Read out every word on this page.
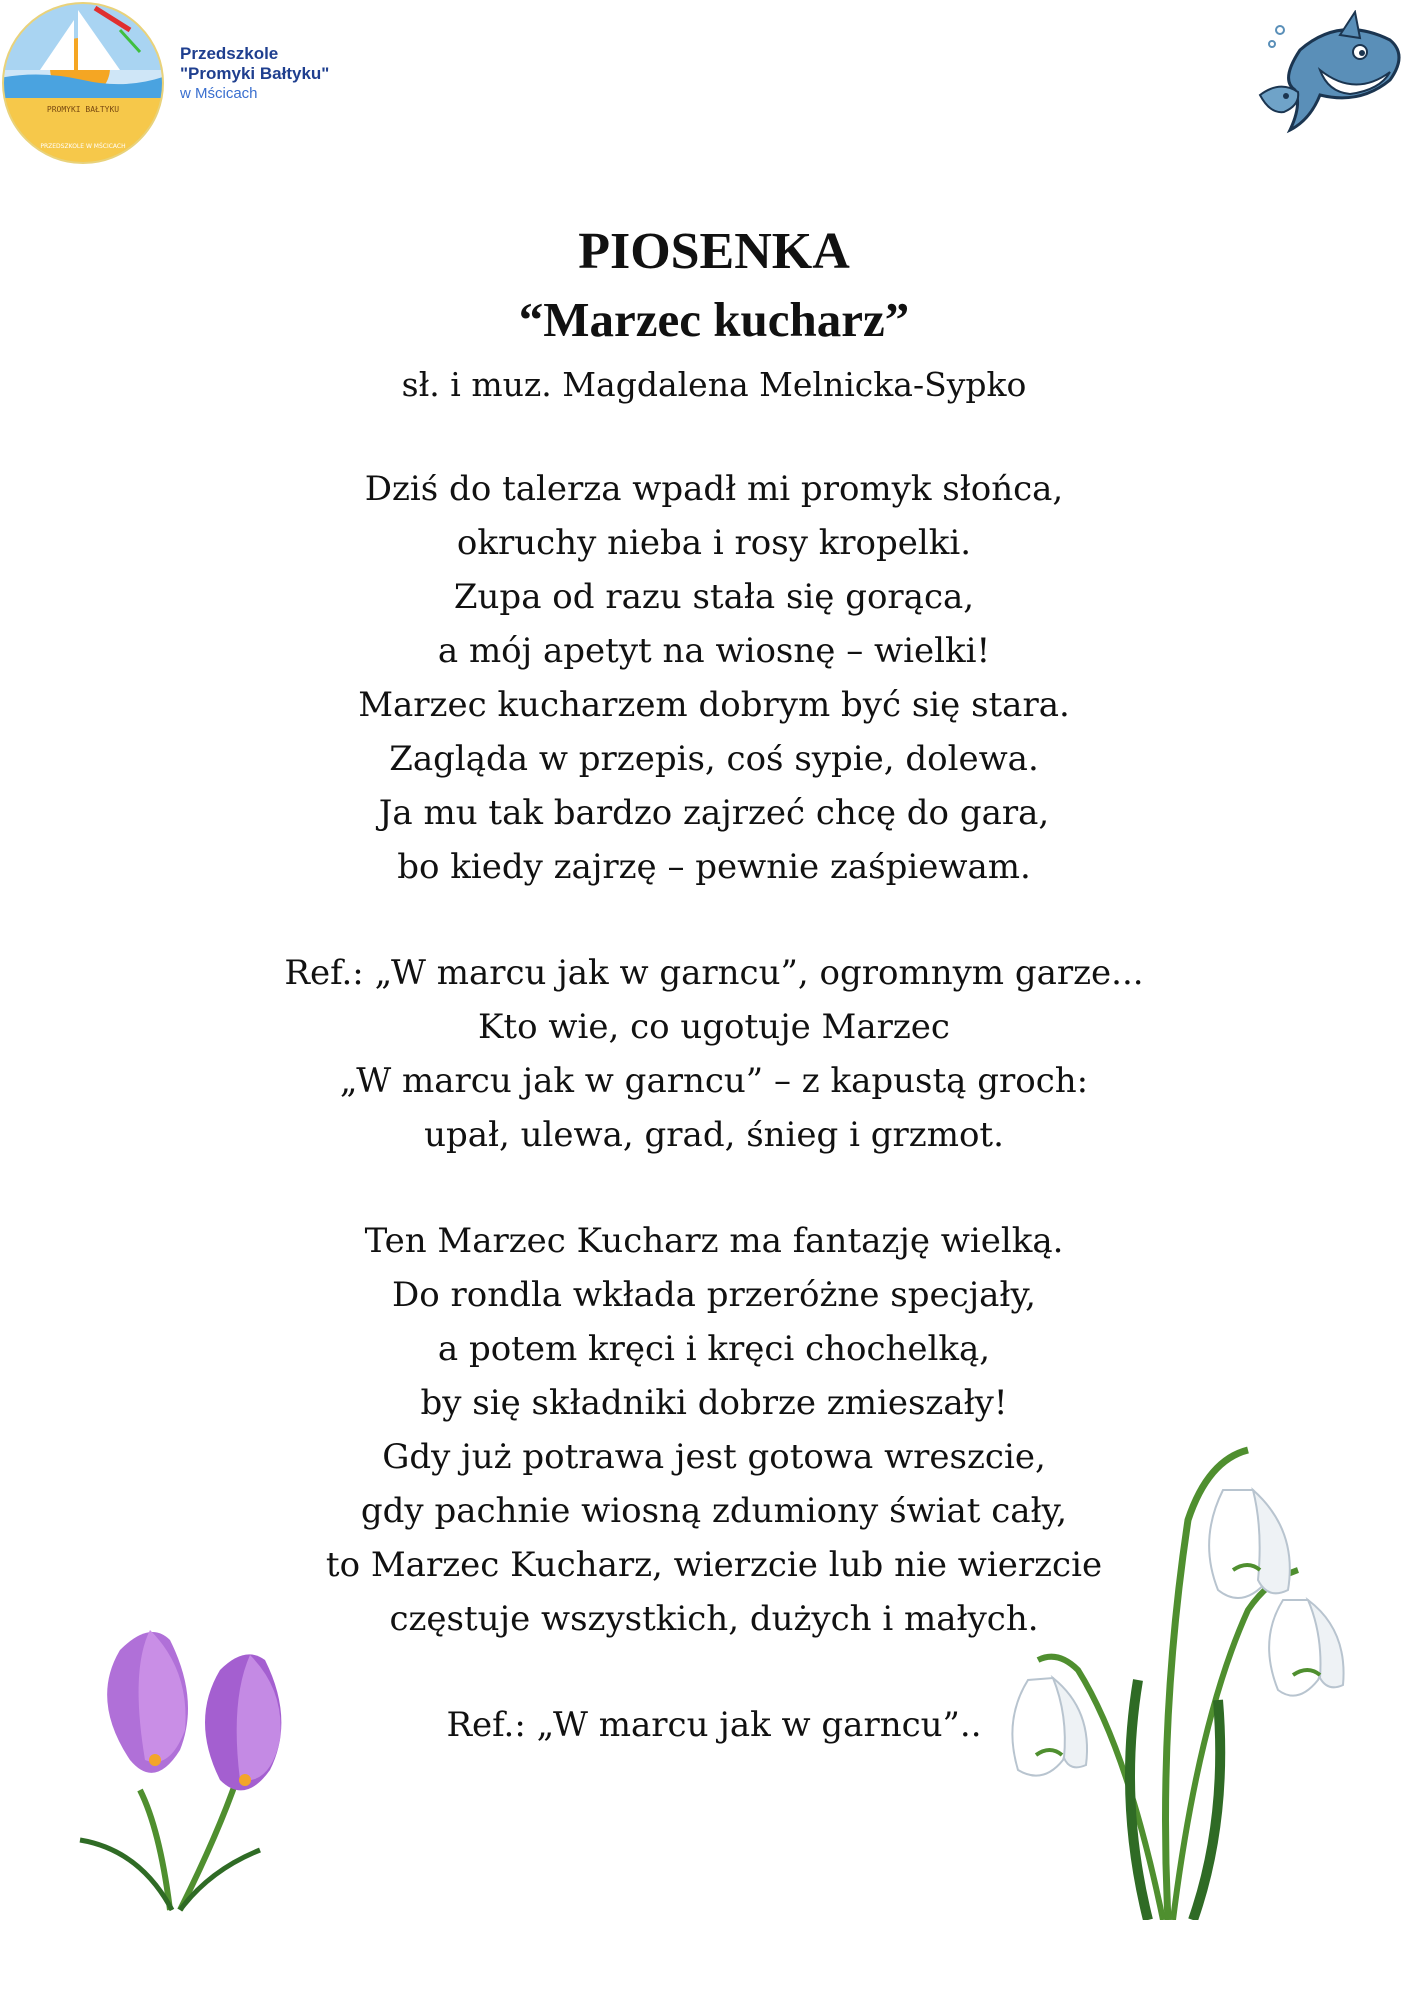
PROMYKI BAŁTYKU
PRZEDSZKOLE W MŚCICACH
Przedszkole
"Promyki Bałtyku"
w Mścicach
PIOSENKA
“Marzec kucharz”

sł. i muz. Magdalena Melnicka-Sypko

Dziś do talerza wpadł mi promyk słońca,
okruchy nieba i rosy kropelki.
Zupa od razu stała się gorąca,
a mój apetyt na wiosnę – wielki!
Marzec kucharzem dobrym być się stara.
Zagląda w przepis, coś sypie, dolewa.
Ja mu tak bardzo zajrzeć chcę do gara,
bo kiedy zajrzę – pewnie zaśpiewam.
Ref.: „W marcu jak w garncu”, ogromnym garze...
Kto wie, co ugotuje Marzec
„W marcu jak w garncu” – z kapustą groch:
upał, ulewa, grad, śnieg i grzmot.
Ten Marzec Kucharz ma fantazję wielką.
Do rondla wkłada przeróżne specjały,
a potem kręci i kręci chochelką,
by się składniki dobrze zmieszały!
Gdy już potrawa jest gotowa wreszcie,
gdy pachnie wiosną zdumiony świat cały,
to Marzec Kucharz, wierzcie lub nie wierzcie
częstuje wszystkich, dużych i małych.
Ref.: „W marcu jak w garncu”..
